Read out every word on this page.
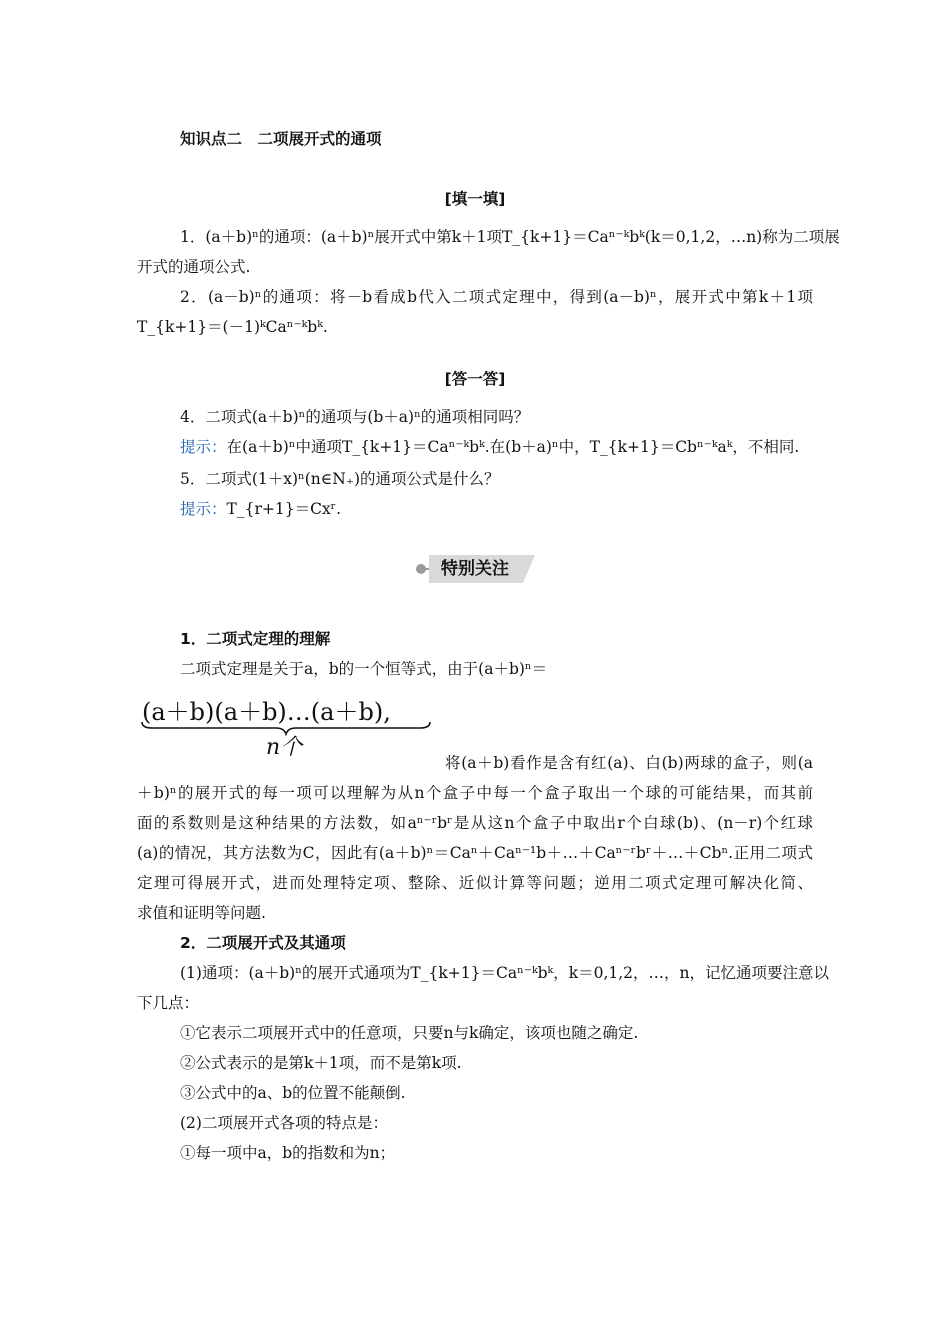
知识点二　二项展开式的通项
[填一填]
1．(a＋b)ⁿ的通项：(a＋b)ⁿ展开式中第k＋1项T_{k+1}＝Caⁿ⁻ᵏbᵏ(k＝0,1,2，…n)称为二项展
开式的通项公式.
2．(a－b)ⁿ的通项：将－b看成b代入二项式定理中，得到(a－b)ⁿ，展开式中第k＋1项
T_{k+1}＝(－1)ᵏCaⁿ⁻ᵏbᵏ.
[答一答]
4．二项式(a＋b)ⁿ的通项与(b＋a)ⁿ的通项相同吗？
提示：在(a＋b)ⁿ中通项T_{k+1}＝Caⁿ⁻ᵏbᵏ.在(b＋a)ⁿ中，T_{k+1}＝Cbⁿ⁻ᵏaᵏ，不相同.
5．二项式(1＋x)ⁿ(n∈N₊)的通项公式是什么？
提示：T_{r+1}＝Cxʳ.
特别关注
1．二项式定理的理解
二项式定理是关于a，b的一个恒等式，由于(a＋b)ⁿ＝
(a＋b)(a＋b)…(a＋b),
n个
将(a＋b)看作是含有红(a)、白(b)两球的盒子，则(a
＋b)ⁿ的展开式的每一项可以理解为从n个盒子中每一个盒子取出一个球的可能结果，而其前
面的系数则是这种结果的方法数，如aⁿ⁻ʳbʳ是从这n个盒子中取出r个白球(b)、(n－r)个红球
(a)的情况，其方法数为C，因此有(a＋b)ⁿ＝Caⁿ＋Caⁿ⁻¹b＋…＋Caⁿ⁻ʳbʳ＋…＋Cbⁿ.正用二项式
定理可得展开式，进而处理特定项、整除、近似计算等问题；逆用二项式定理可解决化简、
求值和证明等问题.
2．二项展开式及其通项
(1)通项：(a＋b)ⁿ的展开式通项为T_{k+1}＝Caⁿ⁻ᵏbᵏ，k＝0,1,2，…，n，记忆通项要注意以
下几点：
①它表示二项展开式中的任意项，只要n与k确定，该项也随之确定.
②公式表示的是第k＋1项，而不是第k项.
③公式中的a、b的位置不能颠倒.
(2)二项展开式各项的特点是：
①每一项中a，b的指数和为n；
